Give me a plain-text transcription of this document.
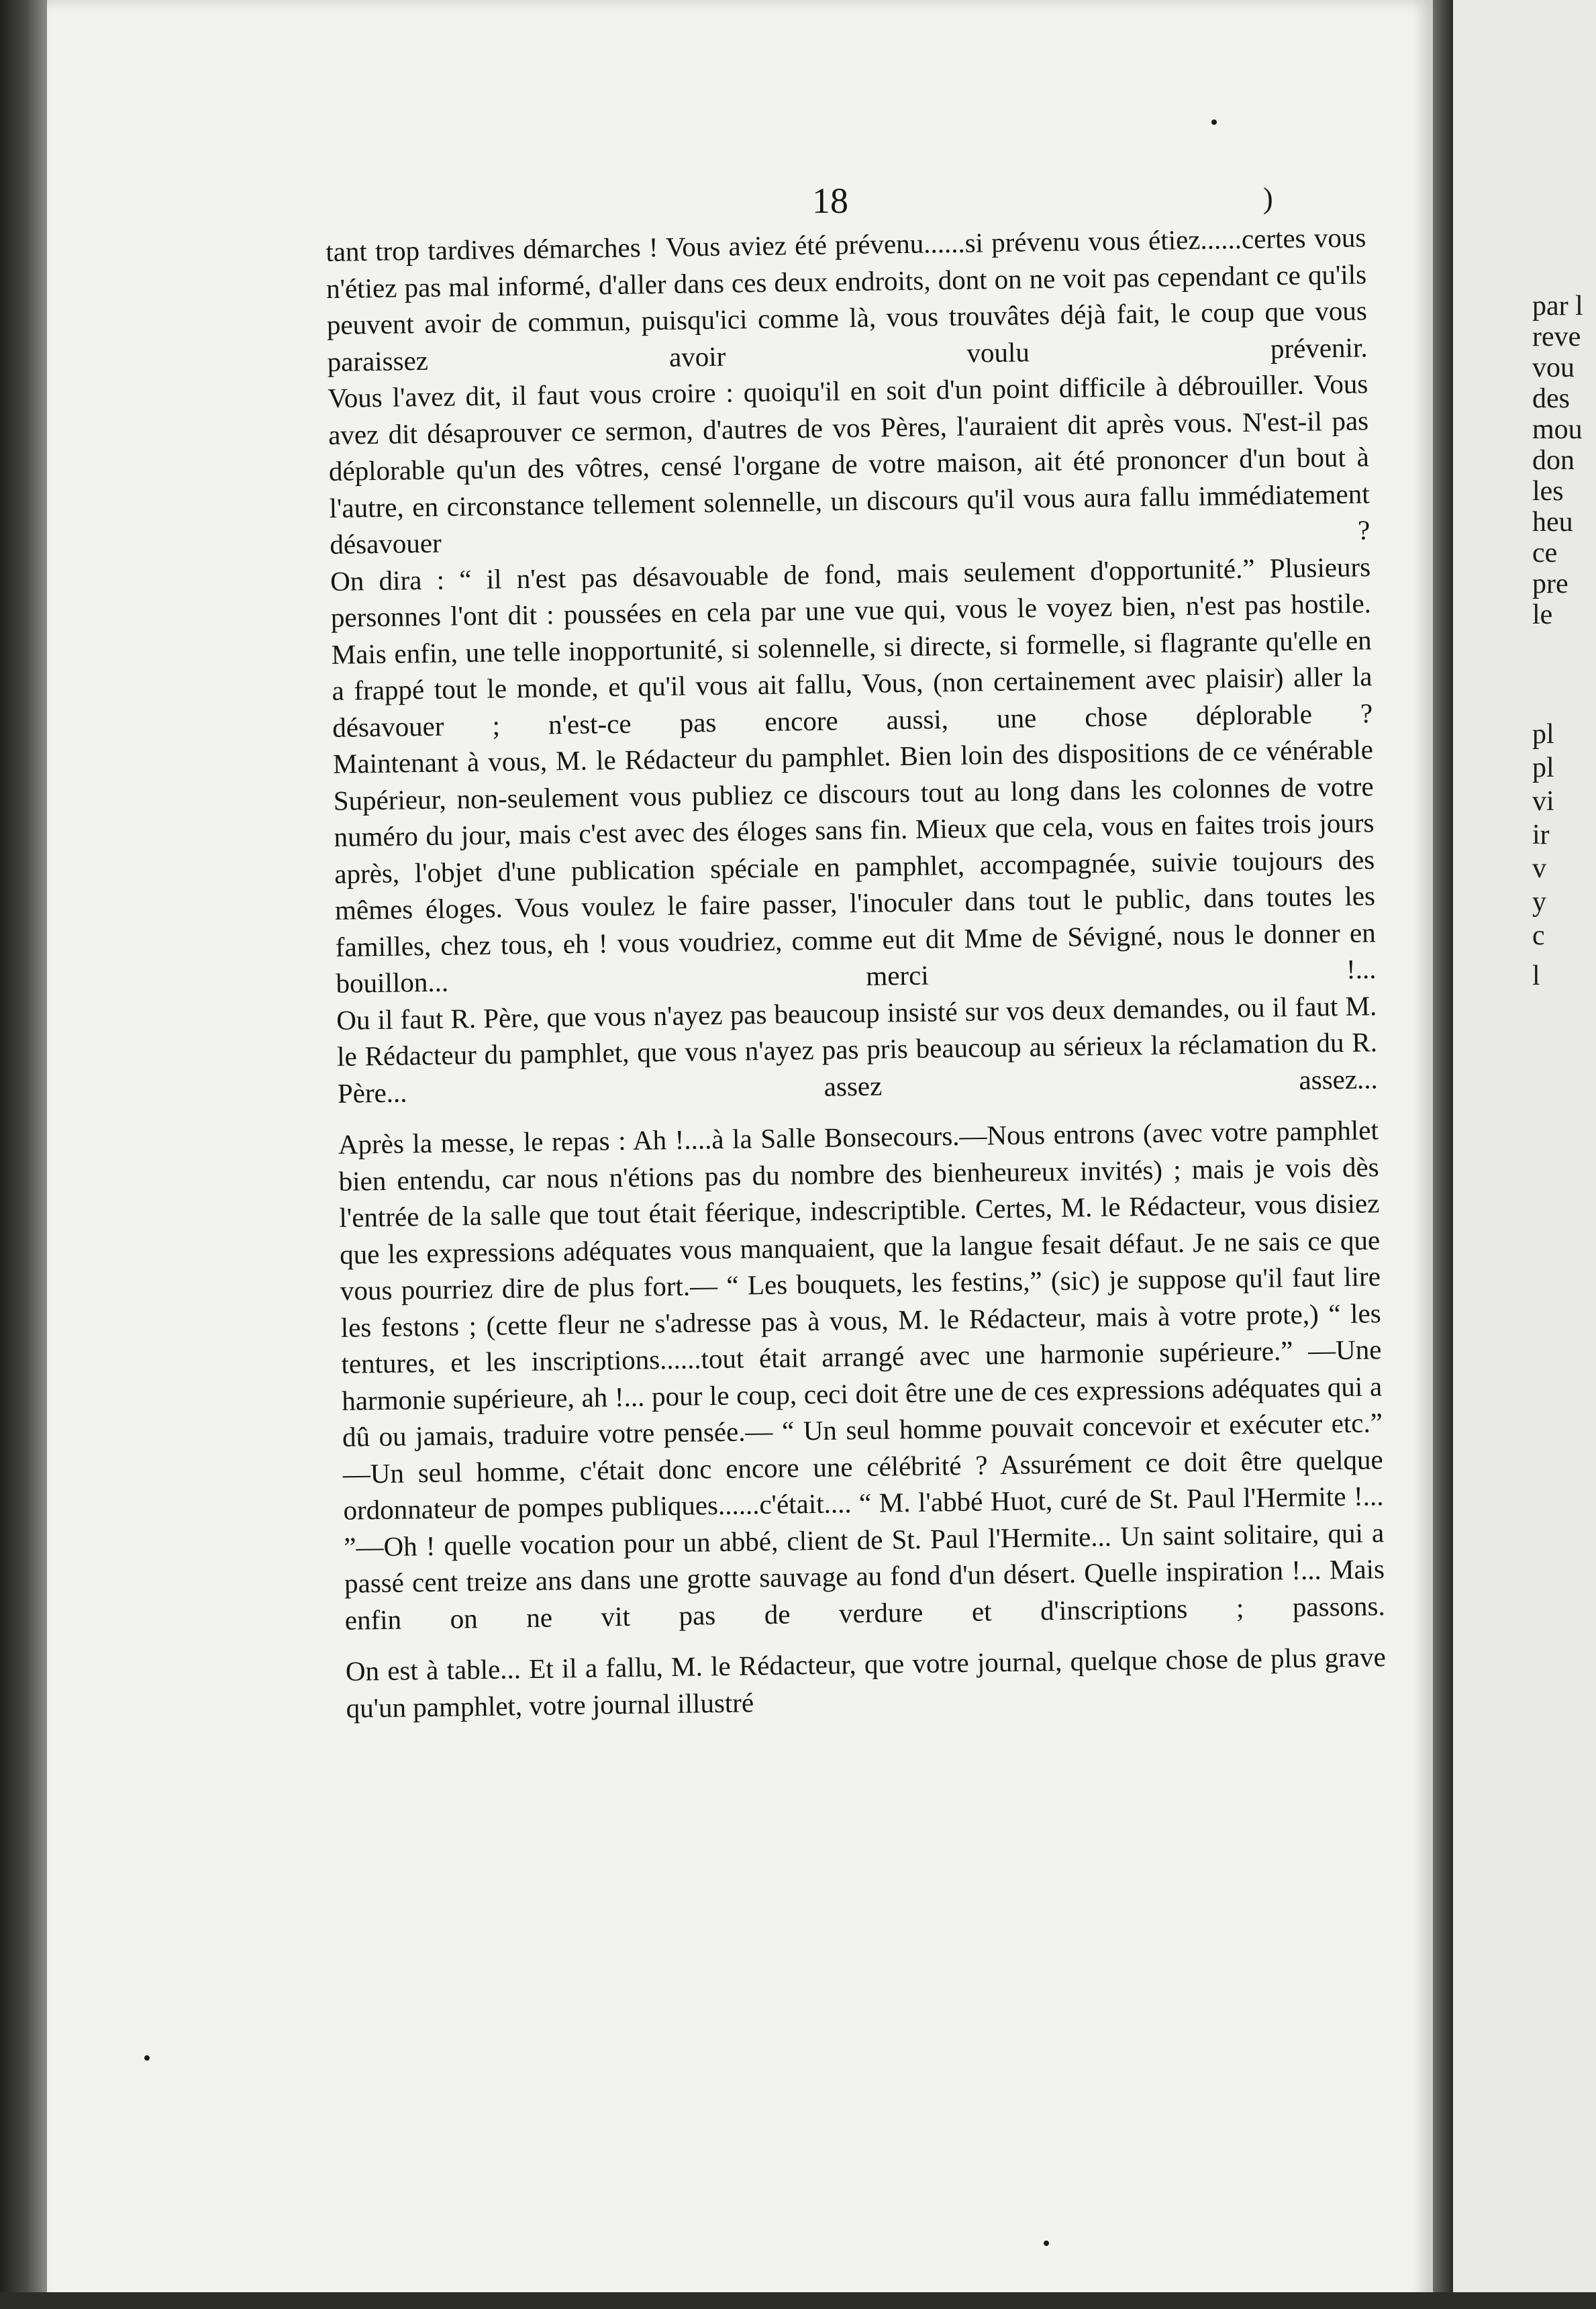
18	)

tant trop tardives démarches ! Vous aviez été prévenu......si prévenu vous étiez......certes vous n'étiez pas mal informé, d'aller dans ces deux endroits, dont on ne voit pas cependant ce qu'ils peuvent avoir de commun, puisqu'ici comme là, vous trouvâtes déjà fait, le coup que vous paraissez avoir voulu prévenir.

Vous l'avez dit, il faut vous croire : quoiqu'il en soit d'un point difficile à débrouiller. Vous avez dit désaprouver ce sermon, d'autres de vos Pères, l'auraient dit après vous. N'est-il pas déplorable qu'un des vôtres, censé l'organe de votre maison, ait été prononcer d'un bout à l'autre, en circonstance tellement solennelle, un discours qu'il vous aura fallu immédiatement désavouer ?

On dira : “ il n'est pas désavouable de fond, mais seulement d'opportunité.” Plusieurs personnes l'ont dit : poussées en cela par une vue qui, vous le voyez bien, n'est pas hostile. Mais enfin, une telle inopportunité, si solennelle, si directe, si formelle, si flagrante qu'elle en a frappé tout le monde, et qu'il vous ait fallu, Vous, (non certainement avec plaisir) aller la désavouer ; n'est-ce pas encore aussi, une chose déplorable ?

Maintenant à vous, M. le Rédacteur du pamphlet. Bien loin des dispositions de ce vénérable Supérieur, non-seulement vous publiez ce discours tout au long dans les colonnes de votre numéro du jour, mais c'est avec des éloges sans fin. Mieux que cela, vous en faites trois jours après, l'objet d'une publication spéciale en pamphlet, accompagnée, suivie toujours des mêmes éloges. Vous voulez le faire passer, l'inoculer dans tout le public, dans toutes les familles, chez tous, eh ! vous voudriez, comme eut dit Mme de Sévigné, nous le donner en bouillon... merci !...

Ou il faut R. Père, que vous n'ayez pas beaucoup insisté sur vos deux demandes, ou il faut M. le Rédacteur du pamphlet, que vous n'ayez pas pris beaucoup au sérieux la réclamation du R. Père... assez assez...

Après la messe, le repas : Ah !....à la Salle Bonsecours.—Nous entrons (avec votre pamphlet bien entendu, car nous n'étions pas du nombre des bienheureux invités) ; mais je vois dès l'entrée de la salle que tout était féerique, indescriptible. Certes, M. le Rédacteur, vous disiez que les expressions adéquates vous manquaient, que la langue fesait défaut. Je ne sais ce que vous pourriez dire de plus fort.— “ Les bouquets, les festins,” (sic) je suppose qu'il faut lire les festons ; (cette fleur ne s'adresse pas à vous, M. le Rédacteur, mais à votre prote,) “ les tentures, et les inscriptions......tout était arrangé avec une harmonie supérieure.” —Une harmonie supérieure, ah !... pour le coup, ceci doit être une de ces expressions adéquates qui a dû ou jamais, traduire votre pensée.— “ Un seul homme pouvait concevoir et exécuter etc.” —Un seul homme, c'était donc encore une célébrité ? Assurément ce doit être quelque ordonnateur de pompes publiques......c'était.... “ M. l'abbé Huot, curé de St. Paul l'Hermite !... ”—Oh ! quelle vocation pour un abbé, client de St. Paul l'Hermite... Un saint solitaire, qui a passé cent treize ans dans une grotte sauvage au fond d'un désert. Quelle inspiration !... Mais enfin on ne vit pas de verdure et d'inscriptions ; passons.

On est à table... Et il a fallu, M. le Rédacteur, que votre journal, quelque chose de plus grave qu'un pamphlet, votre journal illustré

par l
reve
vou
des
mou
don
les
heu
ce
pre
le
pl
pl
vi
ir
v
y
c
l
